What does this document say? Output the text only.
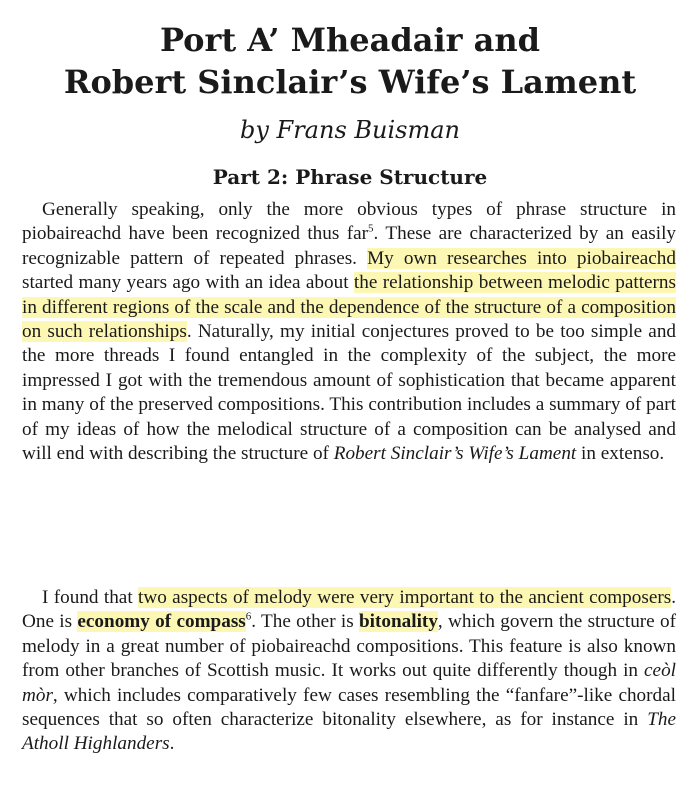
Port A’ Mheadair and
Robert Sinclair’s Wife’s Lament

by Frans Buisman

Part 2: Phrase Structure

Generally speaking, only the more obvious types of phrase structure in piobaireachd have been recognized thus far$^5$. These are characterized by an easily recognizable pattern of repeated phrases. My own researches into piobaireachd started many years ago with an idea about the relationship between melodic patterns in different regions of the scale and the dependence of the structure of a composition on such relationships. Naturally, my initial conjectures proved to be too simple and the more threads I found entangled in the complexity of the subject, the more impressed I got with the tremendous amount of sophistication that became apparent in many of the preserved compositions. This contribution includes a summary of part of my ideas of how the melodical structure of a composition can be analysed and will end with describing the structure of Robert Sinclair’s Wife’s Lament in extenso.

I found that two aspects of melody were very important to the ancient composers. One is economy of compass$^6$. The other is bitonality, which govern the structure of melody in a great number of piobaireachd compositions. This feature is also known from other branches of Scottish music. It works out quite differently though in ceòl mòr, which includes comparatively few cases resembling the “fanfare”-like chordal sequences that so often characterize bitonality elsewhere, as for instance in The Atholl Highlanders.
